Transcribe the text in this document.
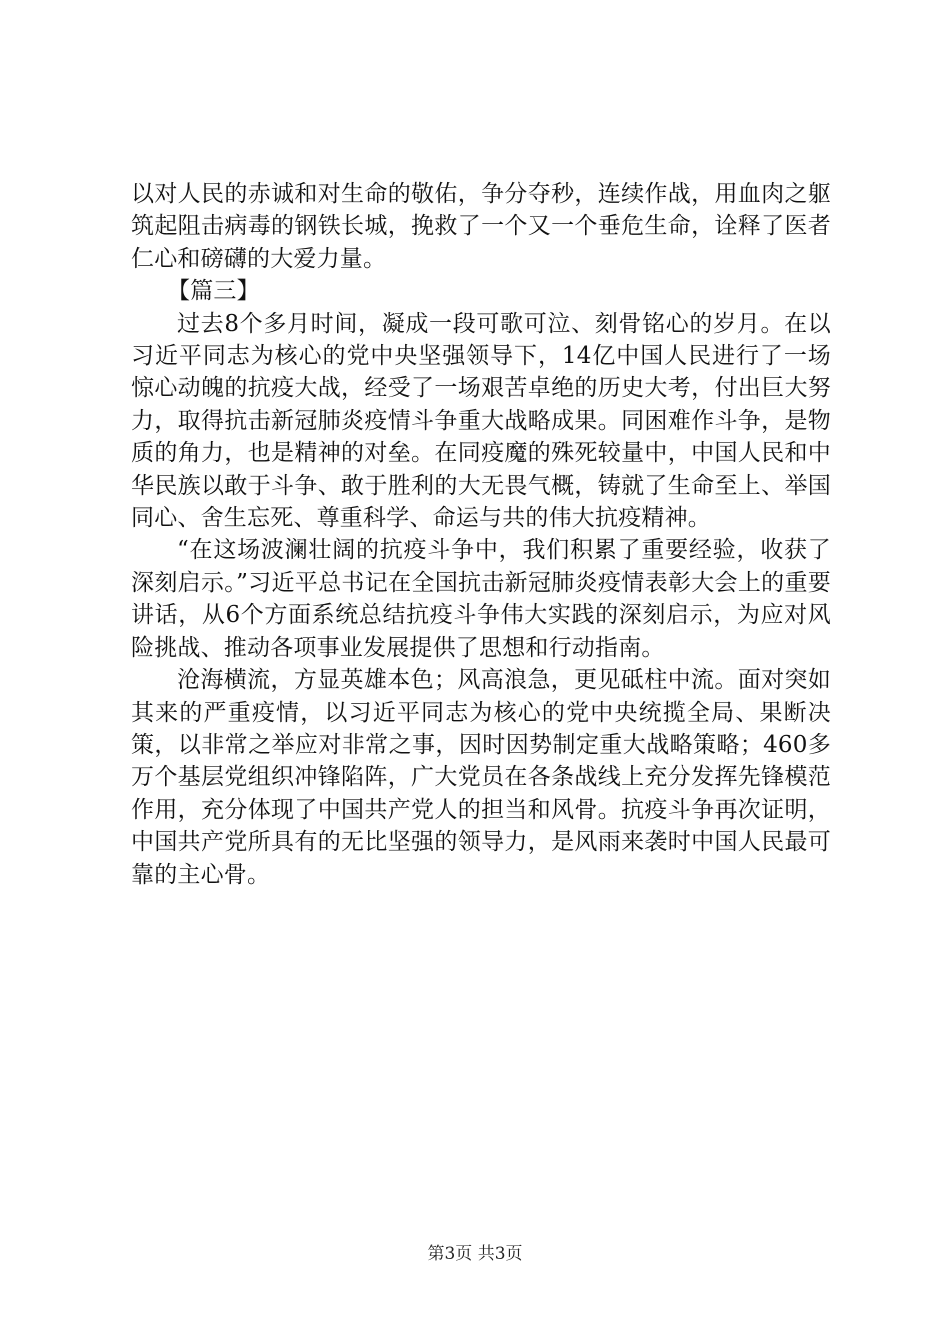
以对人民的赤诚和对生命的敬佑，争分夺秒，连续作战，用血肉之躯筑起阻击病毒的钢铁长城，挽救了一个又一个垂危生命，诠释了医者仁心和磅礴的大爱力量。

【篇三】

过去8个多月时间，凝成一段可歌可泣、刻骨铭心的岁月。在以习近平同志为核心的党中央坚强领导下，14亿中国人民进行了一场惊心动魄的抗疫大战，经受了一场艰苦卓绝的历史大考，付出巨大努力，取得抗击新冠肺炎疫情斗争重大战略成果。同困难作斗争，是物质的角力，也是精神的对垒。在同疫魔的殊死较量中，中国人民和中华民族以敢于斗争、敢于胜利的大无畏气概，铸就了生命至上、举国同心、舍生忘死、尊重科学、命运与共的伟大抗疫精神。

“在这场波澜壮阔的抗疫斗争中，我们积累了重要经验，收获了深刻启示。”习近平总书记在全国抗击新冠肺炎疫情表彰大会上的重要讲话，从6个方面系统总结抗疫斗争伟大实践的深刻启示，为应对风险挑战、推动各项事业发展提供了思想和行动指南。

沧海横流，方显英雄本色；风高浪急，更见砥柱中流。面对突如其来的严重疫情，以习近平同志为核心的党中央统揽全局、果断决策，以非常之举应对非常之事，因时因势制定重大战略策略；460多万个基层党组织冲锋陷阵，广大党员在各条战线上充分发挥先锋模范作用，充分体现了中国共产党人的担当和风骨。抗疫斗争再次证明，中国共产党所具有的无比坚强的领导力，是风雨来袭时中国人民最可靠的主心骨。

第3页 共3页
